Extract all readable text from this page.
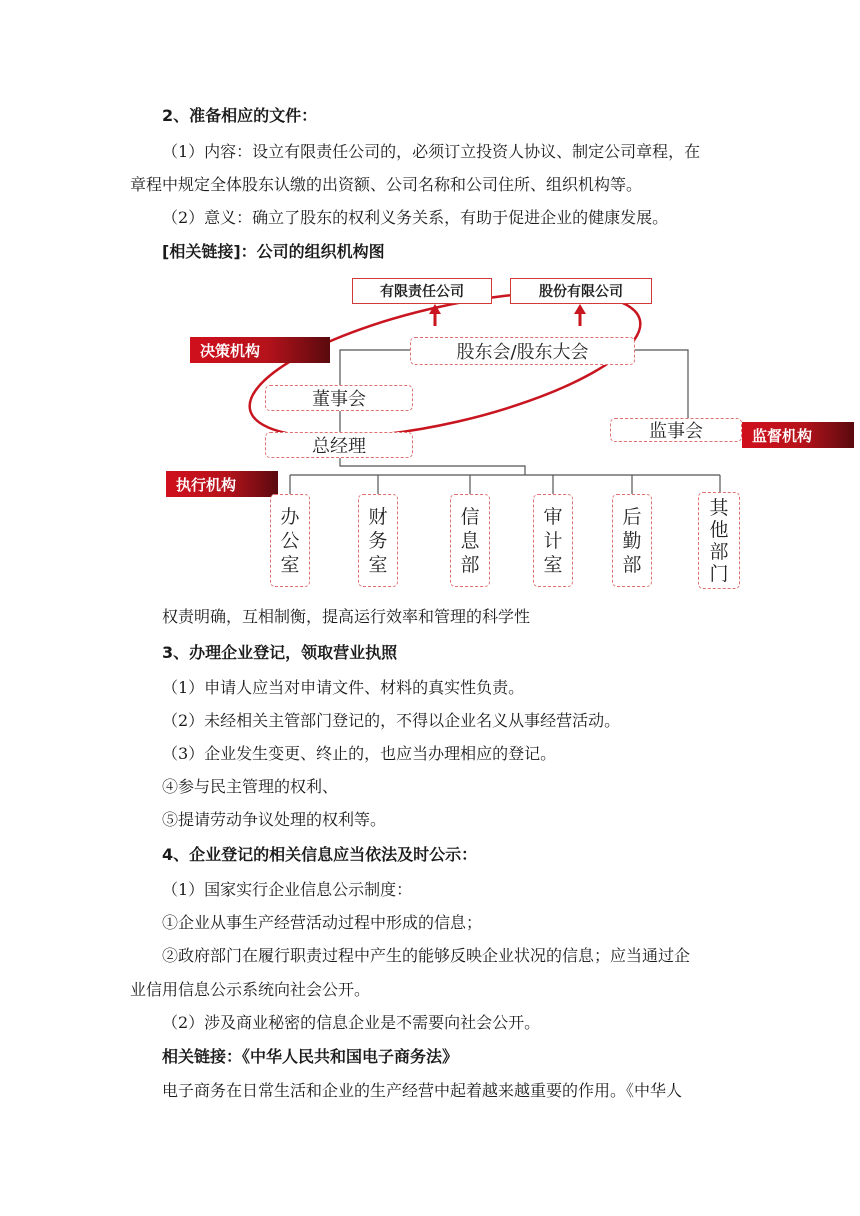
2、准备相应的文件：
（1）内容：设立有限责任公司的，必须订立投资人协议、制定公司章程，在
章程中规定全体股东认缴的出资额、公司名称和公司住所、组织机构等。
（2）意义：确立了股东的权利义务关系，有助于促进企业的健康发展。
[相关链接]：公司的组织机构图
有限责任公司	股份有限公司
决策机构	股东会/股东大会
董事会
总经理
监事会	监督机构
执行机构
办
公
室
财
务
室
信
息
部
审
计
室
后
勤
部
其
他
部
门
权责明确，互相制衡，提高运行效率和管理的科学性
3、办理企业登记，领取营业执照
（1）申请人应当对申请文件、材料的真实性负责。
（2）未经相关主管部门登记的，不得以企业名义从事经营活动。
（3）企业发生变更、终止的，也应当办理相应的登记。
④参与民主管理的权利、
⑤提请劳动争议处理的权利等。
4、企业登记的相关信息应当依法及时公示：
（1）国家实行企业信息公示制度：
①企业从事生产经营活动过程中形成的信息；
②政府部门在履行职责过程中产生的能够反映企业状况的信息；应当通过企
业信用信息公示系统向社会公开。
（2）涉及商业秘密的信息企业是不需要向社会公开。
相关链接：《中华人民共和国电子商务法》
电子商务在日常生活和企业的生产经营中起着越来越重要的作用。《中华人
